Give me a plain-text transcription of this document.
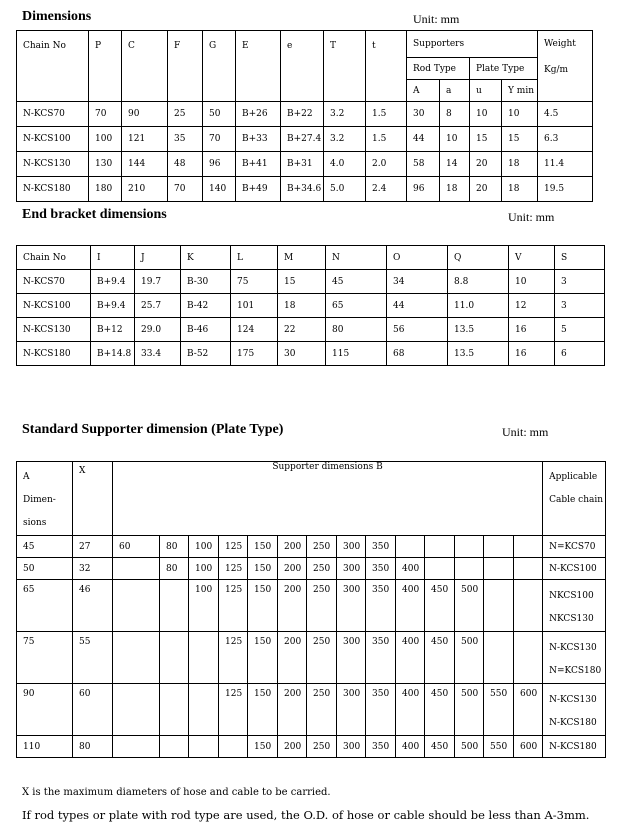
Dimensions	Unit: mm
Chain No	P	C	F	G	E	e	T	t	Supporters				Weight
Kg/m
									Rod Type		Plate Type		
									A	a	u	Y min	
N-KCS70	70	90	25	50	B+26	B+22	3.2	1.5	30	8	10	10	4.5
N-KCS100	100	121	35	70	B+33	B+27.4	3.2	1.5	44	10	15	15	6.3
N-KCS130	130	144	48	96	B+41	B+31	4.0	2.0	58	14	20	18	11.4
N-KCS180	180	210	70	140	B+49	B+34.6	5.0	2.4	96	18	20	18	19.5
End bracket dimensions	Unit: mm
Chain No	I	J	K	L	M	N	O	Q	V	S
N-KCS70	B+9.4	19.7	B-30	75	15	45	34	8.8	10	3
N-KCS100	B+9.4	25.7	B-42	101	18	65	44	11.0	12	3
N-KCS130	B+12	29.0	B-46	124	22	80	56	13.5	16	5
N-KCS180	B+14.8	33.4	B-52	175	30	115	68	13.5	16	6
Standard Supporter dimension (Plate Type)	Unit: mm
A
Dimen-
sions	X	Supporter dimensions B														Applicable
Cable chain
45	27	60	80	100	125	150	200	250	300	350						N=KCS70
50	32		80	100	125	150	200	250	300	350	400					N-KCS100
65	46			100	125	150	200	250	300	350	400	450	500			NKCS100
NKCS130
75	55				125	150	200	250	300	350	400	450	500			N-KCS130
N=KCS180
90	60				125	150	200	250	300	350	400	450	500	550	600	N-KCS130
N-KCS180
110	80					150	200	250	300	350	400	450	500	550	600	N-KCS180
X is the maximum diameters of hose and cable to be carried.
If rod types or plate with rod type are used, the O.D. of hose or cable should be less than A-3mm.
